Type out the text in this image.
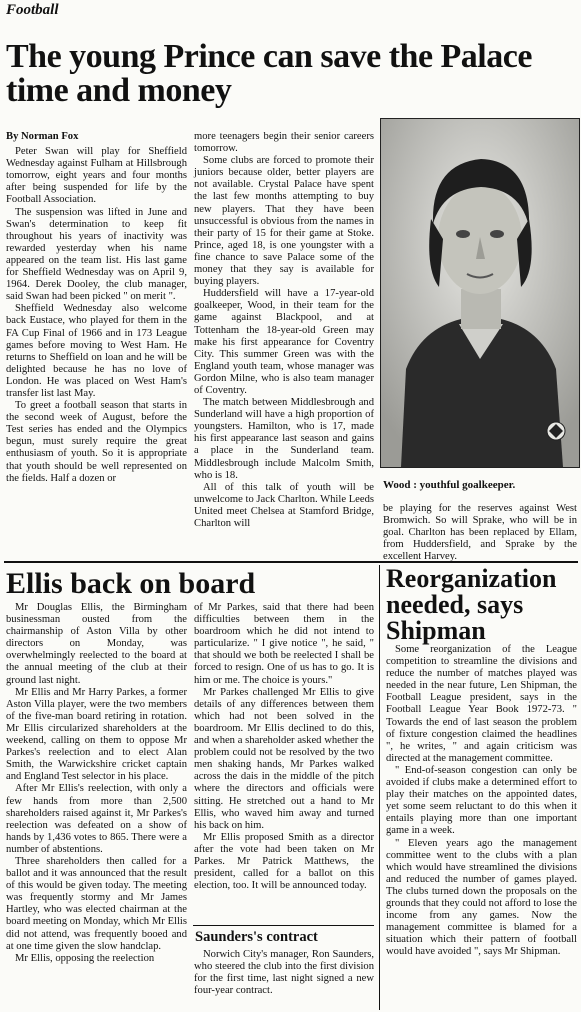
Football
The young Prince can save the Palace time and money

By Norman Fox

Peter Swan will play for Sheffield Wednesday against Fulham at Hillsbrough tomorrow, eight years and four months after being suspended for life by the Football Association.

The suspension was lifted in June and Swan's determination to keep fit throughout his years of inactivity was rewarded yesterday when his name appeared on the team list. His last game for Sheffield Wednesday was on April 9, 1964. Derek Dooley, the club manager, said Swan had been picked " on merit ".

Sheffield Wednesday also welcome back Eustace, who played for them in the FA Cup Final of 1966 and in 173 League games before moving to West Ham. He returns to Sheffield on loan and he will be delighted because he has no love of London. He was placed on West Ham's transfer list last May.

To greet a football season that starts in the second week of August, before the Test series has ended and the Olympics begun, must surely require the great enthusiasm of youth. So it is appropriate that youth should be well represented on the fields. Half a dozen or

more teenagers begin their senior careers tomorrow.

Some clubs are forced to promote their juniors because older, better players are not available. Crystal Palace have spent the last few months attempting to buy new players. That they have been unsuccessful is obvious from the names in their party of 15 for their game at Stoke. Prince, aged 18, is one youngster with a fine chance to save Palace some of the money that they say is available for buying players.

Huddersfield will have a 17-year-old goalkeeper, Wood, in their team for the game against Blackpool, and at Tottenham the 18-year-old Green may make his first appearance for Coventry City. This summer Green was with the England youth team, whose manager was Gordon Milne, who is also team manager of Coventry.

The match between Middlesbrough and Sunderland will have a high proportion of youngsters. Hamilton, who is 17, made his first appearance last season and gains a place in the Sunderland team. Middlesbrough include Malcolm Smith, who is 18.

All of this talk of youth will be unwelcome to Jack Charlton. While Leeds United meet Chelsea at Stamford Bridge, Charlton will

Wood : youthful goalkeeper.

be playing for the reserves against West Bromwich. So will Sprake, who will be in goal. Charlton has been replaced by Ellam, from Huddersfield, and Sprake by the excellent Harvey.

Ellis back on board

Mr Douglas Ellis, the Birmingham businessman ousted from the chairmanship of Aston Villa by other directors on Monday, was overwhelmingly reelected to the board at the annual meeting of the club at their ground last night.

Mr Ellis and Mr Harry Parkes, a former Aston Villa player, were the two members of the five-man board retiring in rotation. Mr Ellis circularized shareholders at the weekend, calling on them to oppose Mr Parkes's reelection and to elect Alan Smith, the Warwickshire cricket captain and England Test selector in his place.

After Mr Ellis's reelection, with only a few hands from more than 2,500 shareholders raised against it, Mr Parkes's reelection was defeated on a show of hands by 1,436 votes to 865. There were a number of abstentions.

Three shareholders then called for a ballot and it was announced that the result of this would be given today. The meeting was frequently stormy and Mr James Hartley, who was elected chairman at the board meeting on Monday, which Mr Ellis did not attend, was frequently booed and at one time given the slow handclap.

Mr Ellis, opposing the reelection

of Mr Parkes, said that there had been difficulties between them in the boardroom which he did not intend to particularize. " I give notice ", he said, " that should we both be reelected I shall be forced to resign. One of us has to go. It is him or me. The choice is yours."

Mr Parkes challenged Mr Ellis to give details of any differences between them which had not been solved in the boardroom. Mr Ellis declined to do this, and when a shareholder asked whether the problem could not be resolved by the two men shaking hands, Mr Parkes walked across the dais in the middle of the pitch where the directors and officials were sitting. He stretched out a hand to Mr Ellis, who waved him away and turned his back on him.

Mr Ellis proposed Smith as a director after the vote had been taken on Mr Parkes. Mr Patrick Matthews, the president, called for a ballot on this election, too. It will be announced today.

Saunders's contract

Norwich City's manager, Ron Saunders, who steered the club into the first division for the first time, last night signed a new four-year contract.

Reorganization needed, says Shipman

Some reorganization of the League competition to streamline the divisions and reduce the number of matches played was needed in the near future, Len Shipman, the Football League president, says in the Football League Year Book 1972-73. " Towards the end of last season the problem of fixture congestion claimed the headlines ", he writes, " and again criticism was directed at the management committee.

" End-of-season congestion can only be avoided if clubs make a determined effort to play their matches on the appointed dates, yet some seem reluctant to do this when it entails playing more than one important game in a week.

" Eleven years ago the management committee went to the clubs with a plan which would have streamlined the divisions and reduced the number of games played. The clubs turned down the proposals on the grounds that they could not afford to lose the income from any games. Now the management committee is blamed for a situation which their pattern of football would have avoided ", says Mr Shipman.
